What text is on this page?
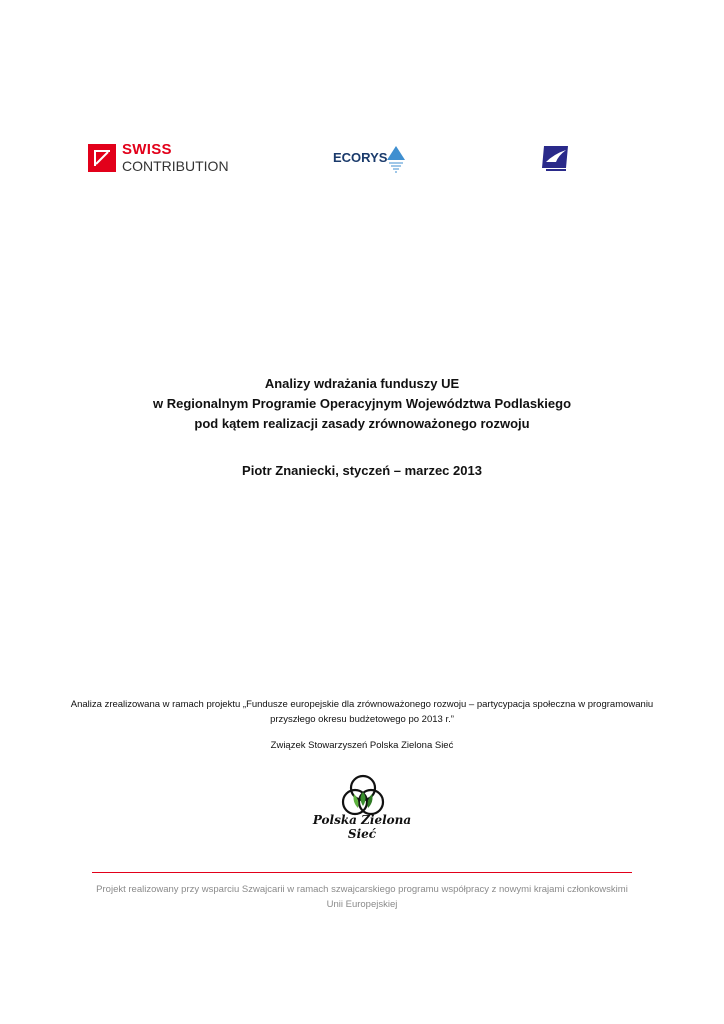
SWISS
CONTRIBUTION
ECORYS
Analizy wdrażania funduszy UE
w Regionalnym Programie Operacyjnym Województwa Podlaskiego
pod kątem realizacji zasady zrównoważonego rozwoju
Piotr Znaniecki, styczeń – marzec 2013
Analiza zrealizowana w ramach projektu „Fundusze europejskie dla zrównoważonego rozwoju – partycypacja społeczna w programowaniu przyszłego okresu budżetowego po 2013 r.”
Związek Stowarzyszeń Polska Zielona Sieć
Polska Zielona Sieć
Projekt realizowany przy wsparciu Szwajcarii w ramach szwajcarskiego programu współpracy z nowymi krajami członkowskimi Unii Europejskiej
